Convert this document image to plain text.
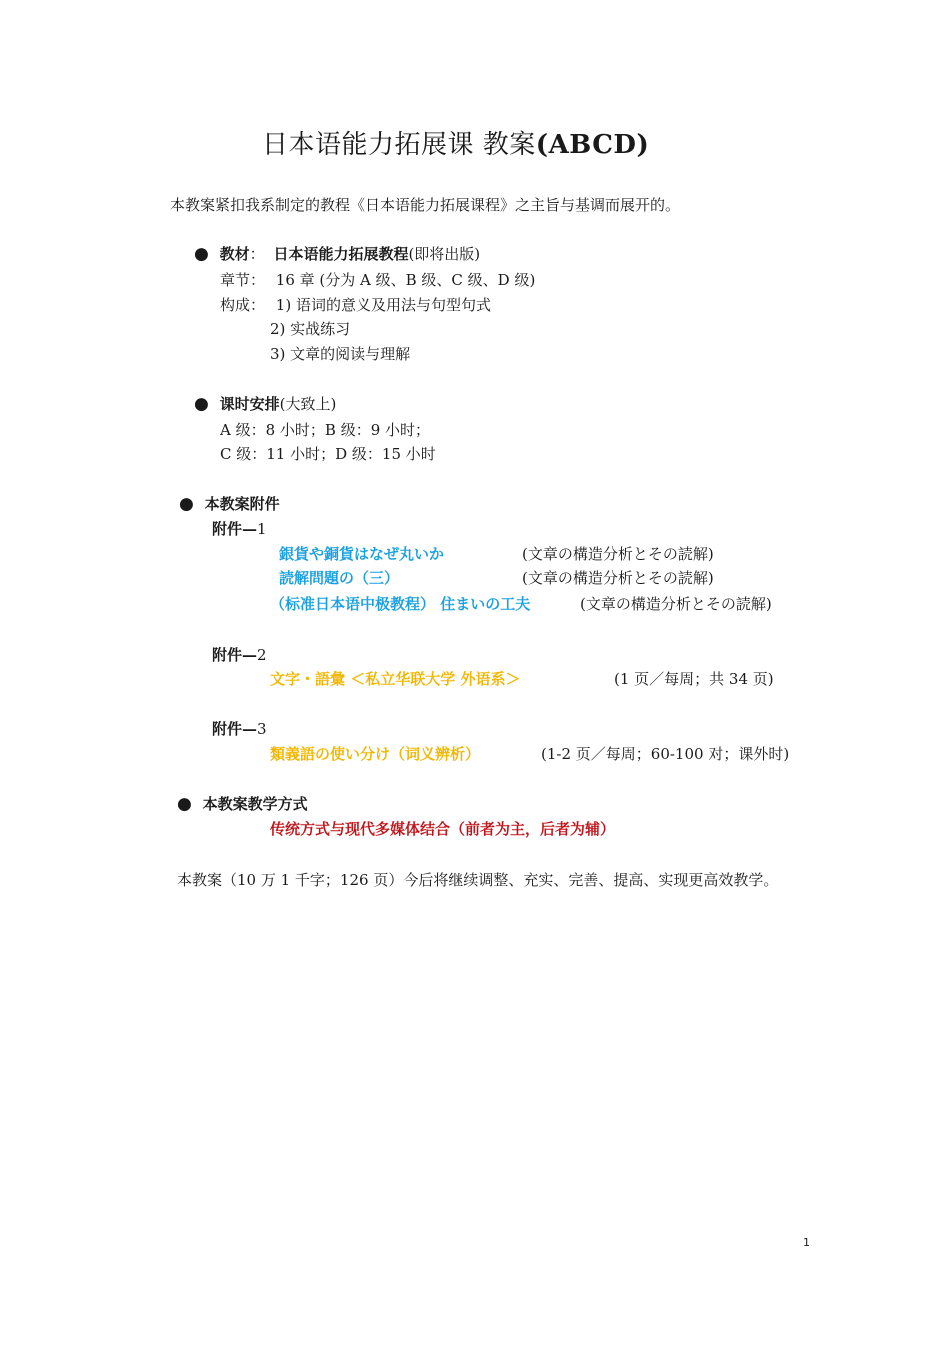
日本语能力拓展课 教案(ABCD)
本教案紧扣我系制定的教程《日本语能力拓展课程》之主旨与基调而展开的。
● 教材： 日本语能力拓展教程(即将出版)
章节： 16 章 (分为 A 级、B 级、C 级、D 级)
构成： 1) 语词的意义及用法与句型句式
2) 实战练习
3) 文章的阅读与理解
● 课时安排(大致上)
A 级：8 小时；B 级：9 小时；
C 级：11 小时；D 级：15 小时
● 本教案附件
附件—1
銀貨や銅貨はなぜ丸いか	(文章の構造分析とその読解)
読解問題の（三）	(文章の構造分析とその読解)
（标准日本语中极教程） 住まいの工夫	(文章の構造分析とその読解)
附件—2
文字・語彙 ＜私立华联大学 外语系＞	(1 页／每周；共 34 页)
附件—3
類義語の使い分け（词义辨析）	(1-2 页／每周；60-100 对；课外时)
● 本教案教学方式
传统方式与现代多媒体结合（前者为主，后者为辅）
本教案（10 万 1 千字；126 页）今后将继续调整、充实、完善、提高、实现更高效教学。
1
